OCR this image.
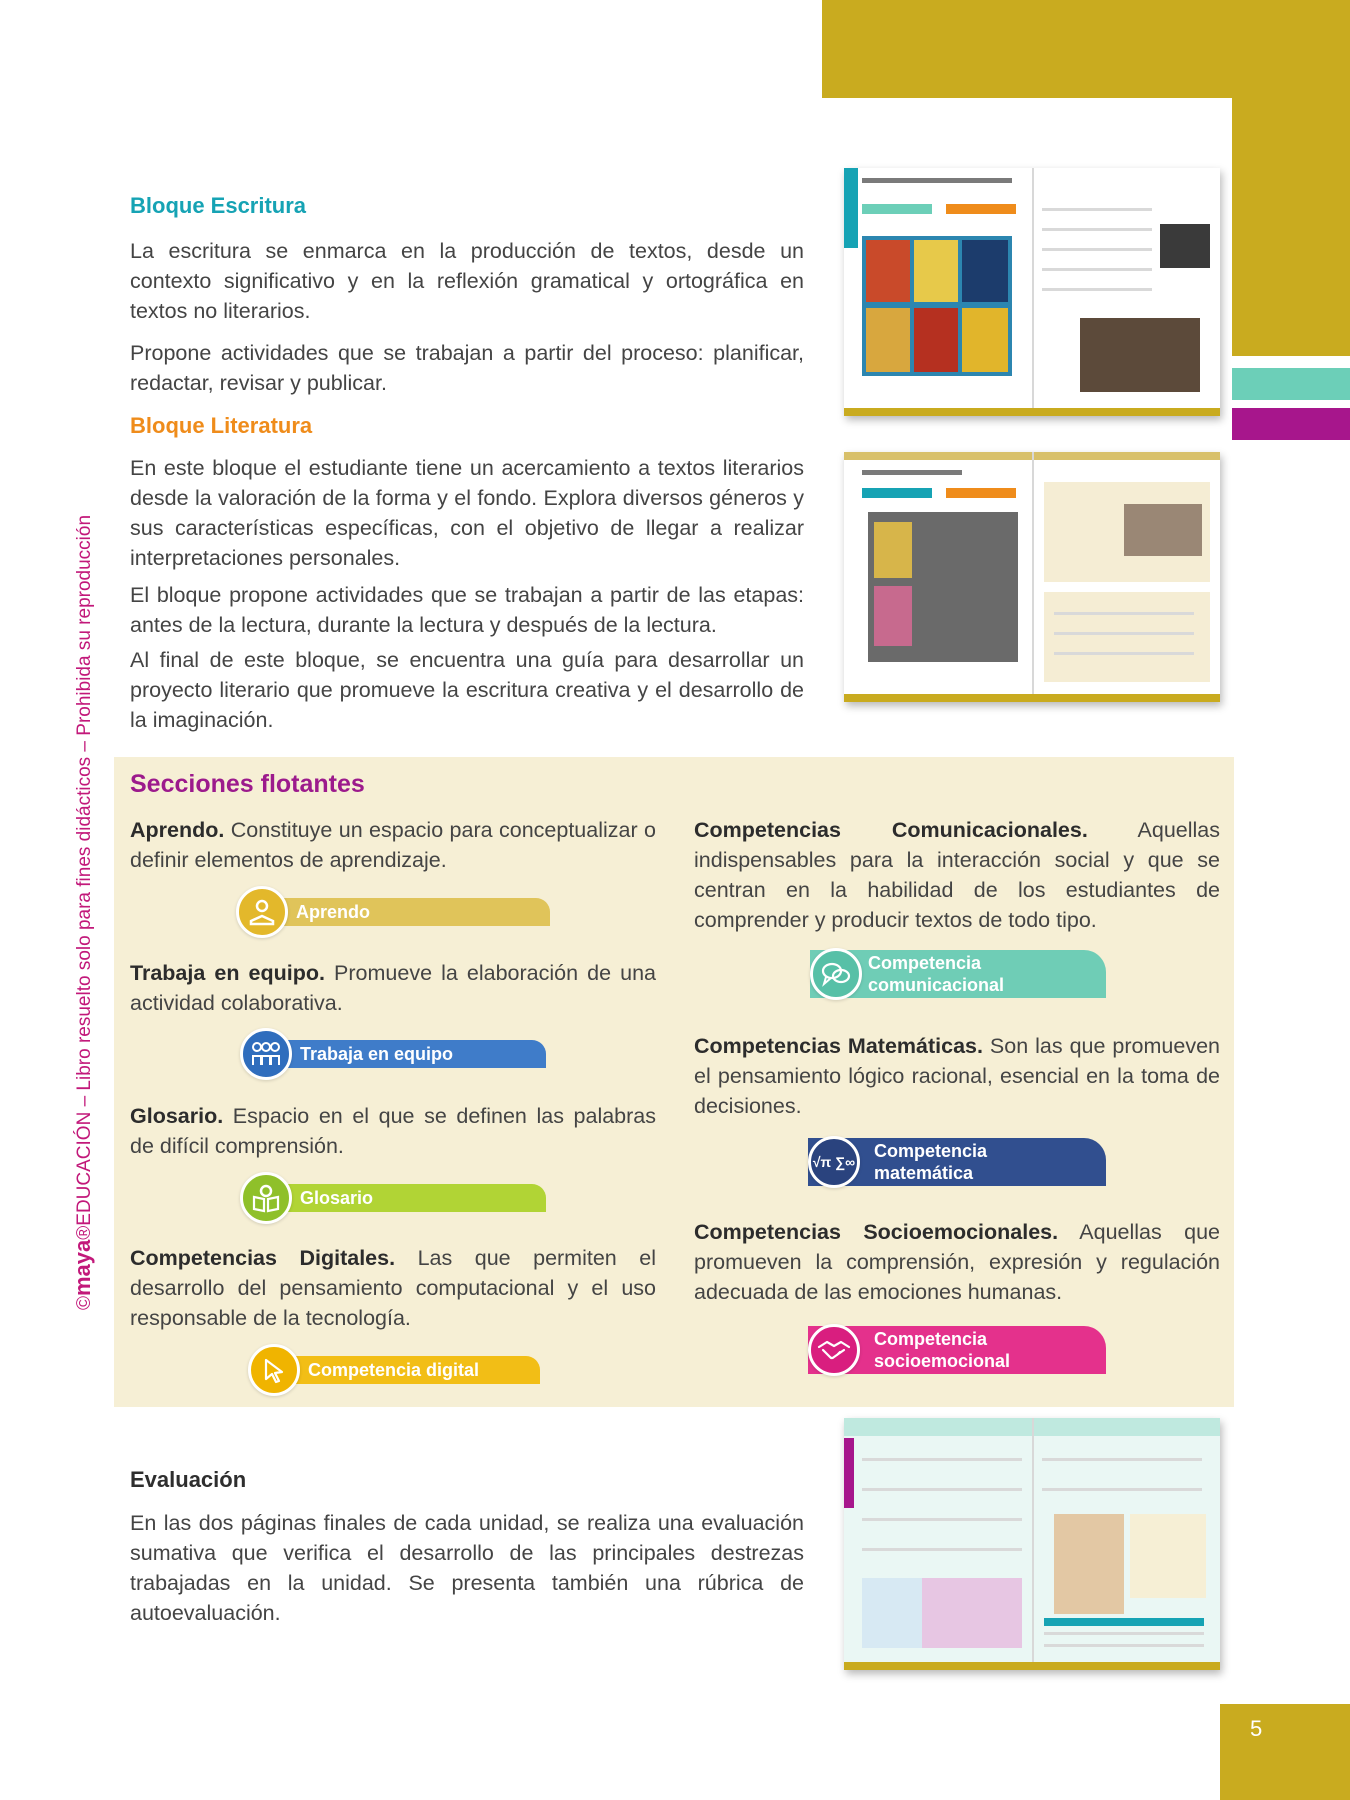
©maya®EDUCACIÓN – Libro resuelto solo para fines didácticos – Prohibida su reproducción
Bloque Escritura
La escritura se enmarca en la producción de textos, desde un contexto significativo y en la reflexión gramatical y ortográfica en textos no literarios.
Propone actividades que se trabajan a partir del proceso: planificar, redactar, revisar y publicar.
Bloque Literatura
En este bloque el estudiante tiene un acercamiento a textos literarios desde la valoración de la forma y el fondo. Explora diversos géneros y sus características específicas, con el objetivo de llegar a realizar interpretaciones personales.
El bloque propone actividades que se trabajan a partir de las etapas: antes de la lectura, durante la lectura y después de la lectura.
Al final de este bloque, se encuentra una guía para desarrollar un proyecto literario que promueve la escritura creativa y el desarrollo de la imaginación.
Secciones flotantes
Aprendo. Constituye un espacio para conceptualizar o definir elementos de aprendizaje.
Aprendo
Trabaja en equipo. Promueve la elaboración de una actividad colaborativa.
Trabaja en equipo
Glosario. Espacio en el que se definen las palabras de difícil comprensión.
Glosario
Competencias Digitales. Las que permiten el desarrollo del pensamiento computacional y el uso responsable de la tecnología.
Competencia digital
Competencias Comunicacionales. Aquellas indispensables para la interacción social y que se centran en la habilidad de los estudiantes de comprender y producir textos de todo tipo.
Competencia
comunicacional
Competencias Matemáticas. Son las que promueven el pensamiento lógico racional, esencial en la toma de decisiones.
Competencia
matemática
√π ∑∞
Competencias Socioemocionales. Aquellas que promueven la comprensión, expresión y regulación adecuada de las emociones humanas.
Competencia
socioemocional
Evaluación
En las dos páginas finales de cada unidad, se realiza una evaluación sumativa que verifica el desarrollo de las principales destrezas trabajadas en la unidad. Se presenta también una rúbrica de autoevaluación.
5
